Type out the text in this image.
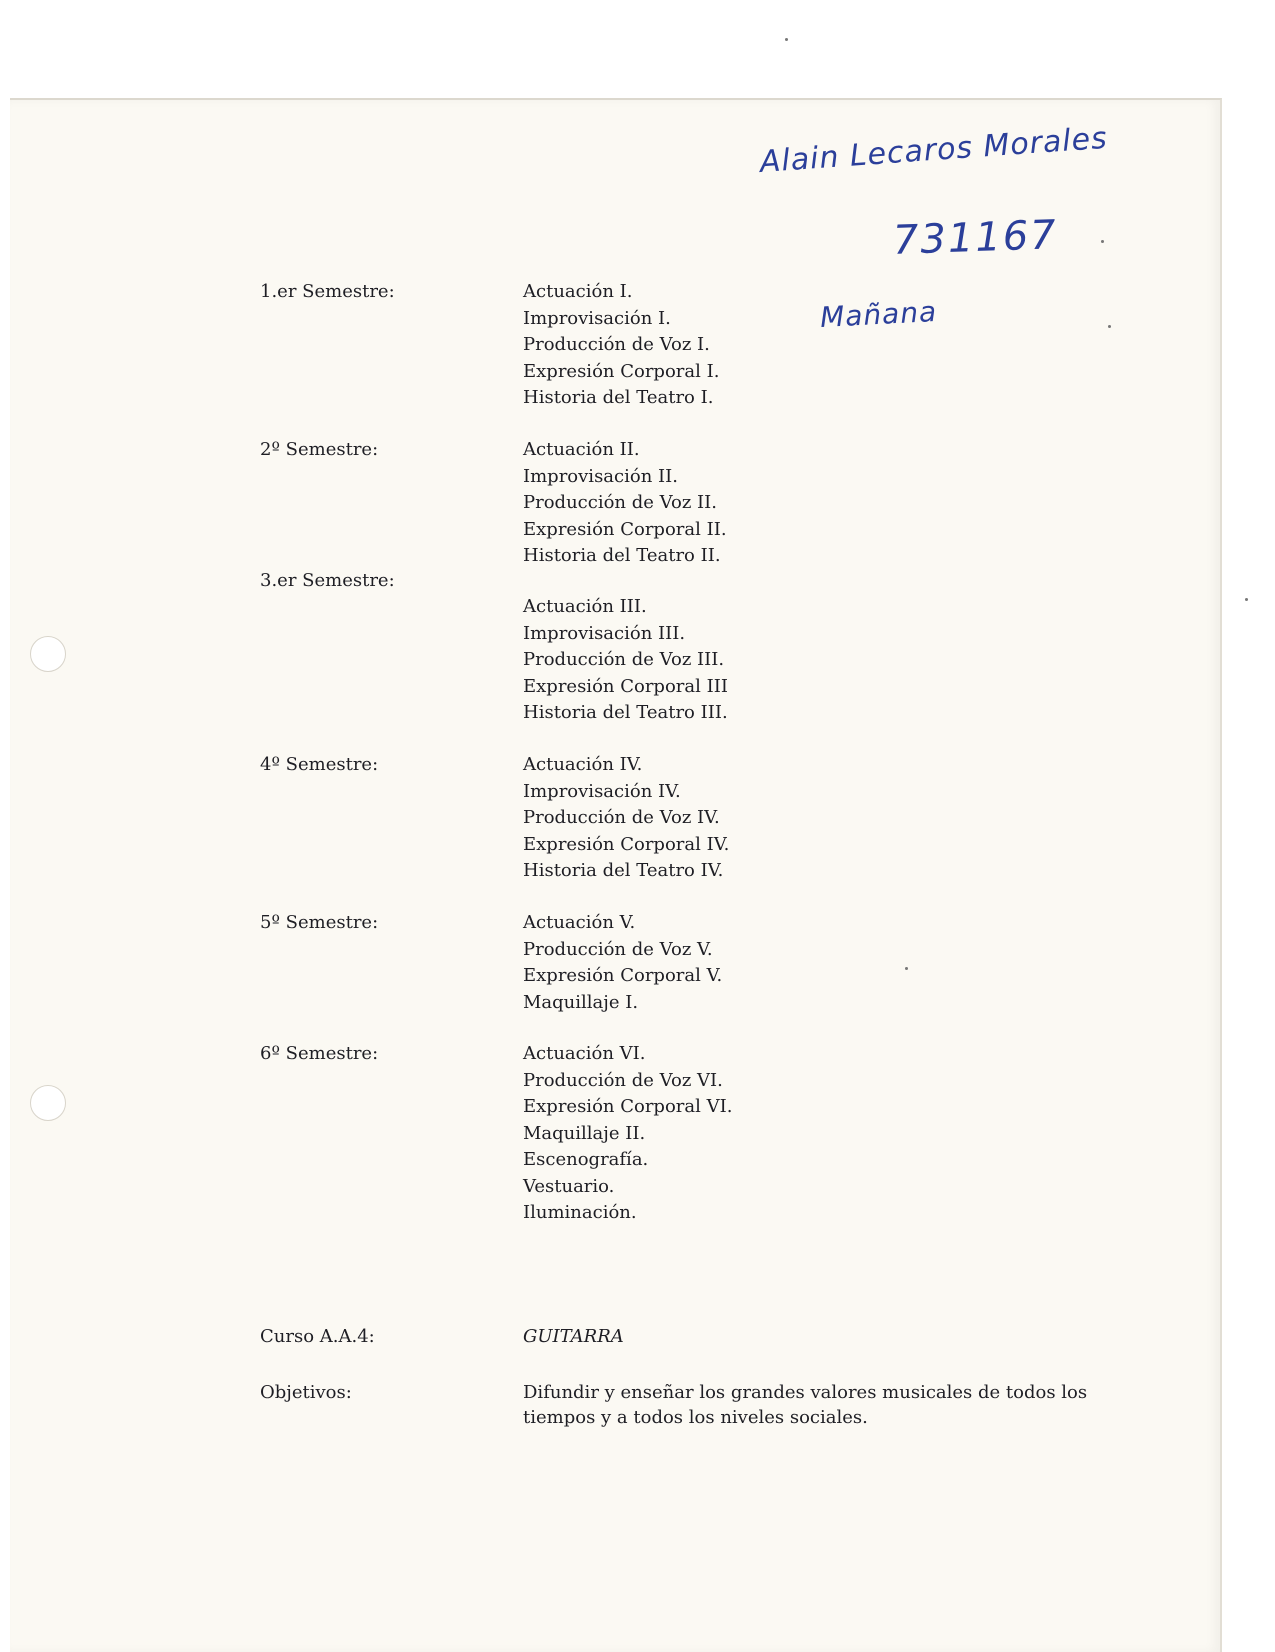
Alain Lecaros Morales
731167
Mañana
1.er Semestre:	Actuación I.
Improvisación I.
Producción de Voz I.
Expresión Corporal I.
Historia del Teatro I.
2º Semestre:	Actuación II.
Improvisación II.
Producción de Voz II.
Expresión Corporal II.
Historia del Teatro II.
3.er Semestre:
Actuación III.
Improvisación III.
Producción de Voz III.
Expresión Corporal III
Historia del Teatro III.
4º Semestre:	Actuación IV.
Improvisación IV.
Producción de Voz IV.
Expresión Corporal IV.
Historia del Teatro IV.
5º Semestre:	Actuación V.
Producción de Voz V.
Expresión Corporal V.
Maquillaje I.
6º Semestre:	Actuación VI.
Producción de Voz VI.
Expresión Corporal VI.
Maquillaje II.
Escenografía.
Vestuario.
Iluminación.
Curso A.A.4:	GUITARRA
Objetivos:	Difundir y enseñar los grandes valores musicales de todos los tiempos y a todos los niveles sociales.
